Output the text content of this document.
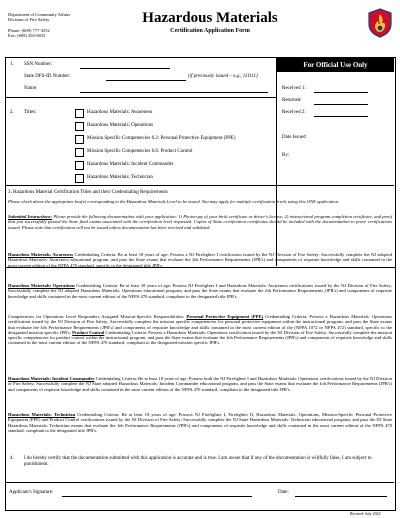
Department of Community Affairs
Division of Fire Safety
Phone: (609) 777-3552
Fax: (609) 292-6833
Hazardous Materials
Certification Application Form
1. SSN Number:
State DFS-ID Number:	(if previously issued – e.g., 111111)
Name:
For Official Use Only
Received 1:
Returned:
Received 2:
Date Issued:
By:
2. Titles:	Hazardous Materials: Awareness
Hazardous Materials: Operations
Mission Specific Competencies 6.2: Personal Protective Equipment (PPE)
Mission Specific Competencies 6.6: Product Control
Hazardous Materials: Incident Commander
Hazardous Materials: Technician
3. Hazardous Material Certification Titles and their Credentialing Requirements
Please check above the appropriate box(s) corresponding to the Hazardous Materials Level to be issued. You may apply for multiple certification levels using this ONE application.
Submittal Instructions: Please provide the following documentation with your application: 1) Photocopy of your birth certificate or driver's license; 2) instructional program completion certificate, and proof that you successfully passed the State final exams associated with the certification level requested. Copies of State certification certificates should be included with the documentation to prove certifications issued. Please note that certification will not be issued unless documentation has been received and validated.
Hazardous Materials: Awareness Credentialing Criteria: Be at least 18 years of age; Possess a NJ Firefighter I certification issued by the NJ Division of Fire Safety; Successfully complete the NJ adopted Hazardous Materials: Awareness educational program, and pass the State exams that evaluate the Job Performance Requirements (JPR's) and components of requisite knowledge and skills contained in the most current edition of the NFPA 470 standard, specific to the designated title JPR's.
Hazardous Materials: Operations Credentialing Criteria: Be at least 18 years of age; Possess NJ Firefighter I and Hazardous Materials: Awareness certifications issued by the NJ Division of Fire Safety; Successfully complete the NJ adopted Hazardous Materials: Operations educational program, and pass the State exams that evaluate the Job Performance Requirements (JPR's) and components of requisite knowledge and skills contained in the most current edition of the NFPA 470 standard, compliant to the designated title JPR's.
Competencies for Operations Level Responders Assigned Mission-Specific Responsibilities: Personal Protective Equipment (PPE) Credentialing Criteria: Possess a Hazardous Materials: Operations certification issued by the NJ Division of Fire Safety; Successfully complete the mission specific competencies for personal protective equipment within the instructional program, and pass the State exams that evaluate the Job Performance Requirements (JPR's) and components of requisite knowledge and skills contained in the most current edition of the (NFPA 1072 or NFPA 472) standard, specific to the designated mission specific JPR's. Product Control Credentialing Criteria: Possess a Hazardous Materials: Operations certification issued by the NJ Division of Fire Safety; Successfully complete the mission specific competencies for product control within the instructional program, and pass the State exams that evaluate the Job Performance Requirements (JPR's) and components of requisite knowledge and skills contained in the most current edition of the NFPA 470 standard, compliant to the designated mission specific JPR's.
Hazardous Materials: Incident Commander Credentialing Criteria: Be at least 18 years of age; Possess both the NJ Firefighter I and Hazardous Materials: Operations certifications issued by the NJ Division of Fire Safety; Successfully complete the NJ State adopted Hazardous Materials: Incident Commander educational program, and pass the State exams that evaluate the Job Performance Requirements (JPR's) and components of requisite knowledge and skills contained in the most current edition of the NFPA 470 standard, compliant to the designated title JPR's.
Hazardous Materials: Technician Credentialing Criteria: Be at least 18 years of age; Possess NJ Firefighter I, Firefighter II, Hazardous Materials: Operations, Mission-Specific Personal Protective Equipment (PPE) and Product Control certifications issued by the NJ Division of Fire Safety; Successfully complete the NJ State Hazardous Materials: Technician educational program, and pass the NJ State Hazardous Materials: Technician exams that evaluate the Job Performance Requirements (JPR's) and components of requisite knowledge and skills contained in the most current edition of the NFPA 470 standard, compliant to the designated title JPR's.
4. I do hereby certify that the documentation submitted with this application is accurate and is true. I am aware that if any of the documentation is willfully false, I am subject to punishment.
Applicant's Signature:	Date:
Revised: July 2022
